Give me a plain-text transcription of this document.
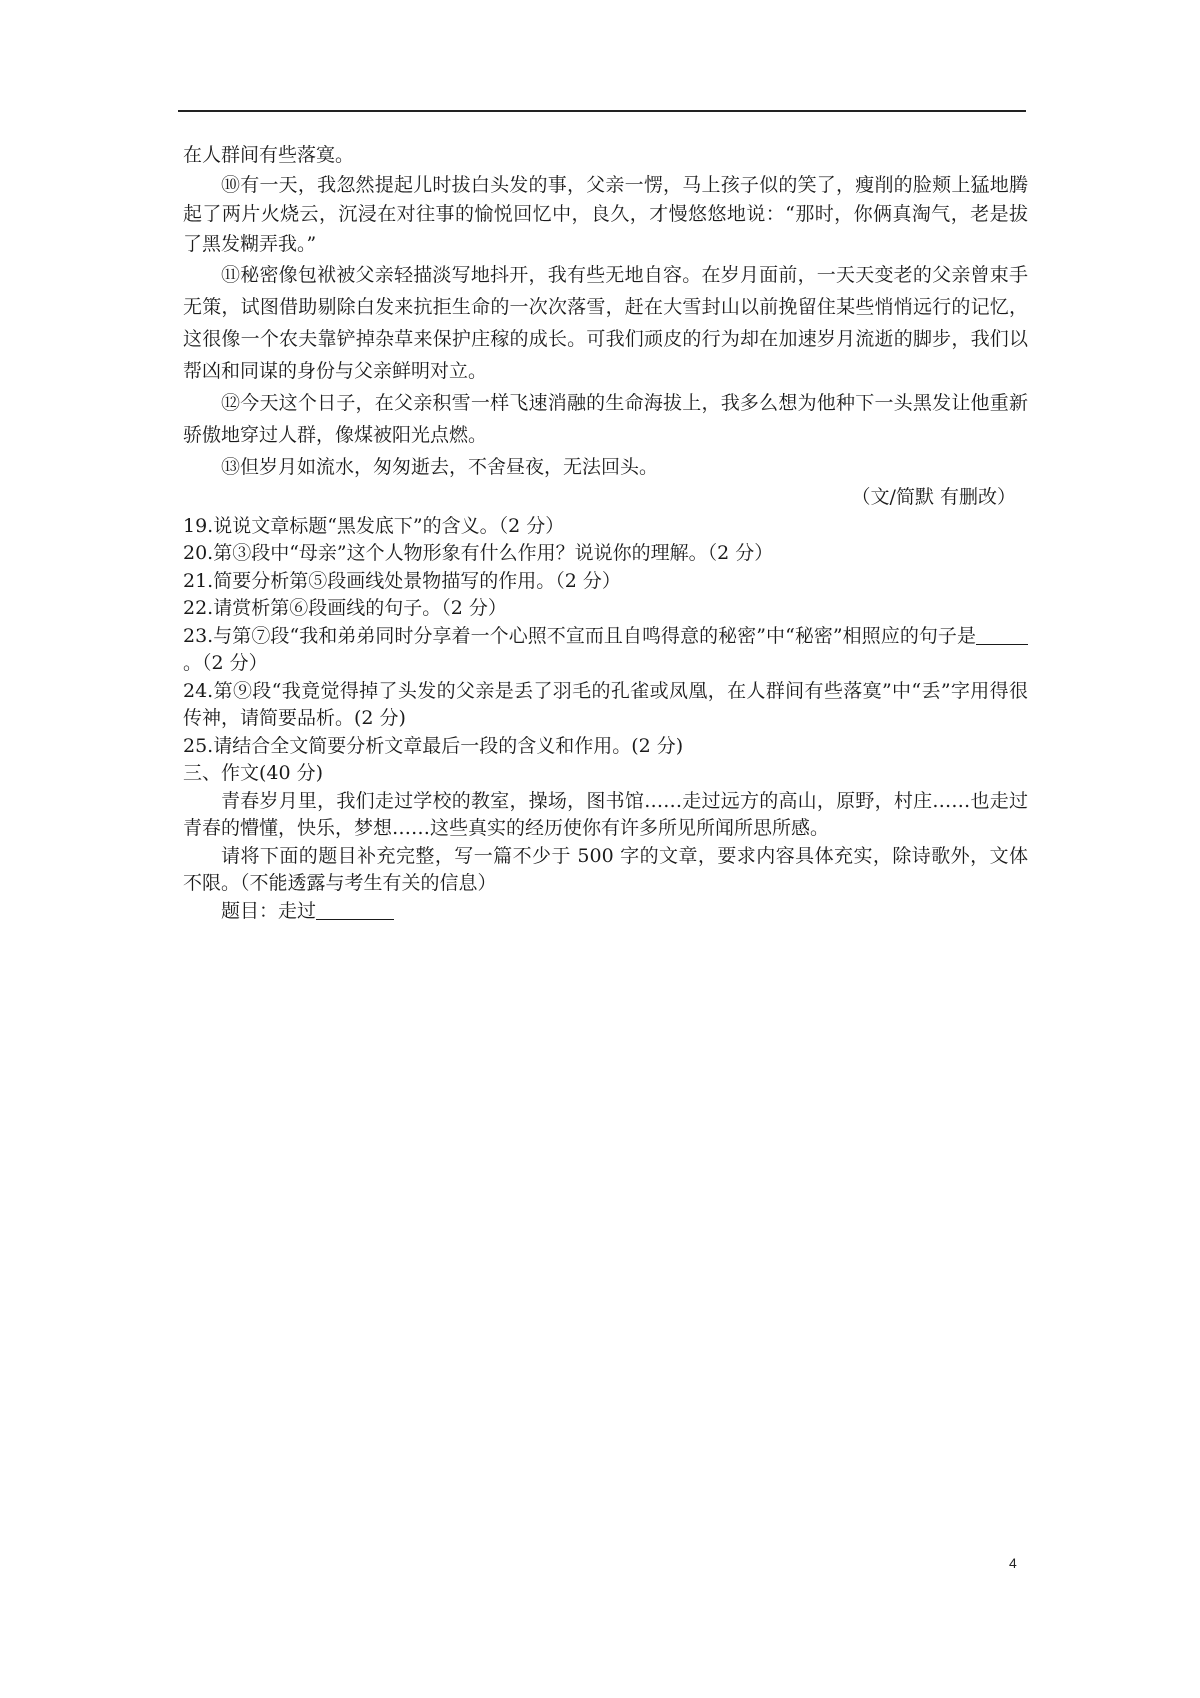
在人群间有些落寞。

⑩有一天，我忽然提起儿时拔白头发的事，父亲一愣，马上孩子似的笑了，瘦削的脸颊上猛地腾起了两片火烧云，沉浸在对往事的愉悦回忆中，良久，才慢悠悠地说：“那时，你俩真淘气，老是拔了黑发糊弄我。”

⑪秘密像包袱被父亲轻描淡写地抖开，我有些无地自容。在岁月面前，一天天变老的父亲曾束手无策，试图借助剔除白发来抗拒生命的一次次落雪，赶在大雪封山以前挽留住某些悄悄远行的记忆，这很像一个农夫靠铲掉杂草来保护庄稼的成长。可我们顽皮的行为却在加速岁月流逝的脚步，我们以帮凶和同谋的身份与父亲鲜明对立。

⑫今天这个日子，在父亲积雪一样飞速消融的生命海拔上，我多么想为他种下一头黑发让他重新骄傲地穿过人群，像煤被阳光点燃。

⑬但岁月如流水，匆匆逝去，不舍昼夜，无法回头。

（文/简默 有删改）

19.说说文章标题“黑发底下”的含义。（2 分）

20.第③段中“母亲”这个人物形象有什么作用？说说你的理解。（2 分）

21.简要分析第⑤段画线处景物描写的作用。（2 分）

22.请赏析第⑥段画线的句子。（2 分）

23.与第⑦段“我和弟弟同时分享着一个心照不宣而且自鸣得意的秘密”中“秘密”相照应的句子是。（2 分）

24.第⑨段“我竟觉得掉了头发的父亲是丢了羽毛的孔雀或凤凰，在人群间有些落寞”中“丢”字用得很传神，请简要品析。(2 分)

25.请结合全文简要分析文章最后一段的含义和作用。(2 分)

三、作文(40 分)

青春岁月里，我们走过学校的教室，操场，图书馆……走过远方的高山，原野，村庄……也走过青春的懵懂，快乐，梦想……这些真实的经历使你有许多所见所闻所思所感。

请将下面的题目补充完整，写一篇不少于 500 字的文章，要求内容具体充实，除诗歌外，文体不限。（不能透露与考生有关的信息）

题目：走过

4
